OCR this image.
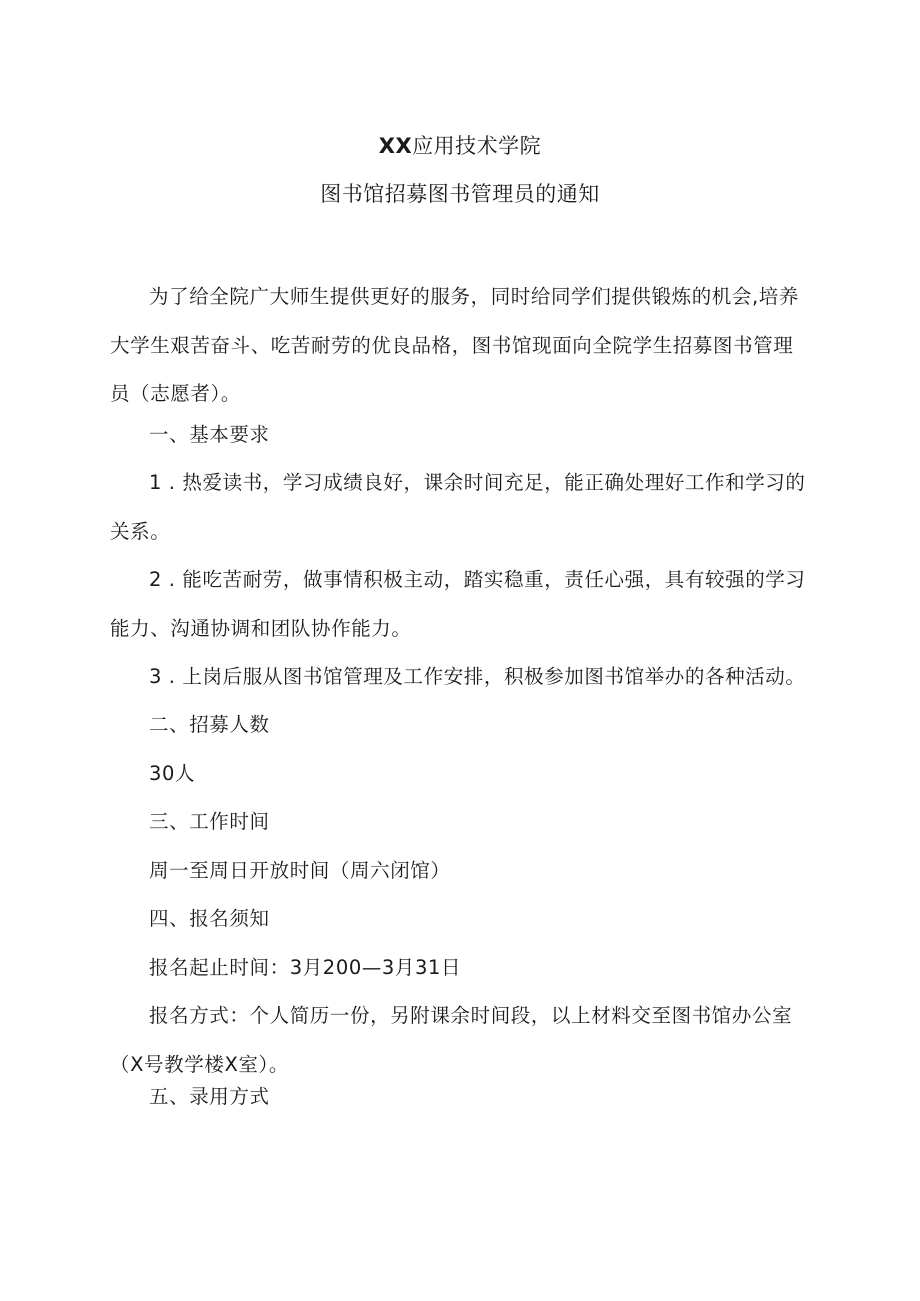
XX应用技术学院
图书馆招募图书管理员的通知
为了给全院广大师生提供更好的服务，同时给同学们提供锻炼的机会,培养大学生艰苦奋斗、吃苦耐劳的优良品格，图书馆现面向全院学生招募图书管理员（志愿者）。
一、基本要求
1 . 热爱读书，学习成绩良好，课余时间充足，能正确处理好工作和学习的关系。
2 . 能吃苦耐劳，做事情积极主动，踏实稳重，责任心强，具有较强的学习能力、沟通协调和团队协作能力。
3 . 上岗后服从图书馆管理及工作安排，积极参加图书馆举办的各种活动。
二、招募人数
30人
三、工作时间
周一至周日开放时间（周六闭馆）
四、报名须知
报名起止时间：3月200—3月31日
报名方式：个人简历一份，另附课余时间段，以上材料交至图书馆办公室（X号教学楼X室）。
五、录用方式
